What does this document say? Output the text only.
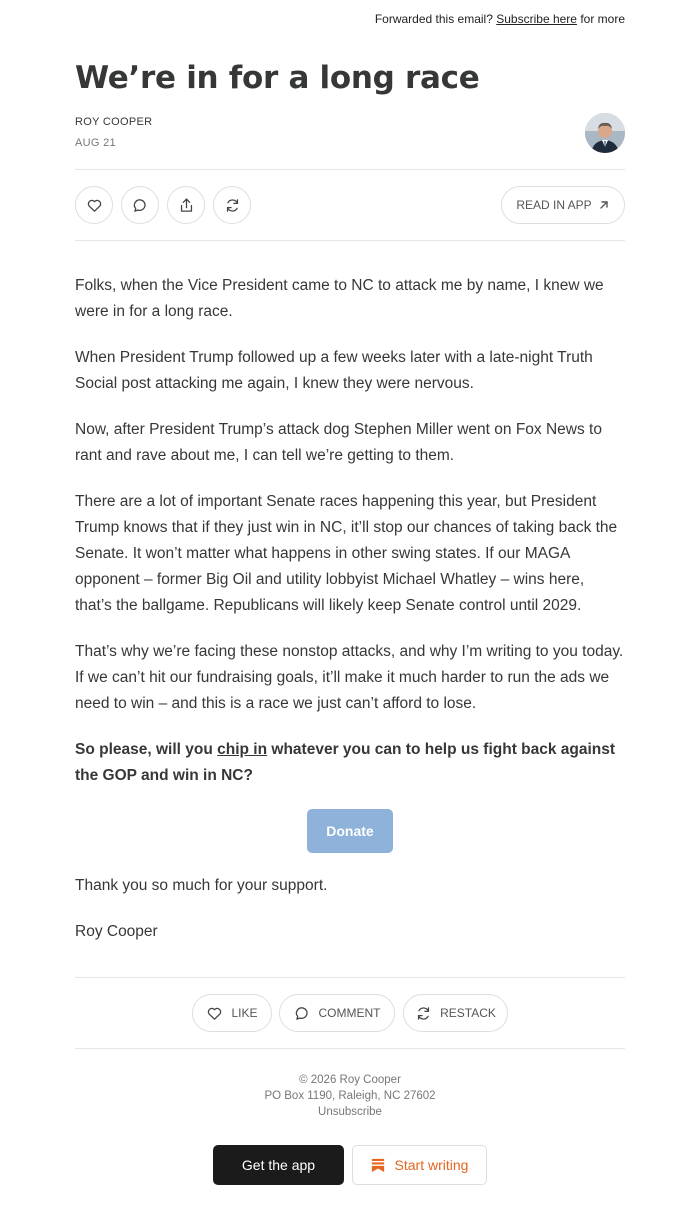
Forwarded this email? Subscribe here for more
We’re in for a long race
ROY COOPER
AUG 21
READ IN APP

Folks, when the Vice President came to NC to attack me by name, I knew we were in for a long race.

When President Trump followed up a few weeks later with a late-night Truth Social post attacking me again, I knew they were nervous.

Now, after President Trump’s attack dog Stephen Miller went on Fox News to rant and rave about me, I can tell we’re getting to them.

There are a lot of important Senate races happening this year, but President Trump knows that if they just win in NC, it’ll stop our chances of taking back the Senate. It won’t matter what happens in other swing states. If our MAGA opponent – former Big Oil and utility lobbyist Michael Whatley – wins here, that’s the ballgame. Republicans will likely keep Senate control until 2029.

That’s why we’re facing these nonstop attacks, and why I’m writing to you today. If we can’t hit our fundraising goals, it’ll make it much harder to run the ads we need to win – and this is a race we just can’t afford to lose.

So please, will you chip in whatever you can to help us fight back against the GOP and win in NC?

Donate

Thank you so much for your support.

Roy Cooper

LIKE	COMMENT	RESTACK
© 2026 Roy Cooper
PO Box 1190, Raleigh, NC 27602
Unsubscribe
Get the app	Start writing
